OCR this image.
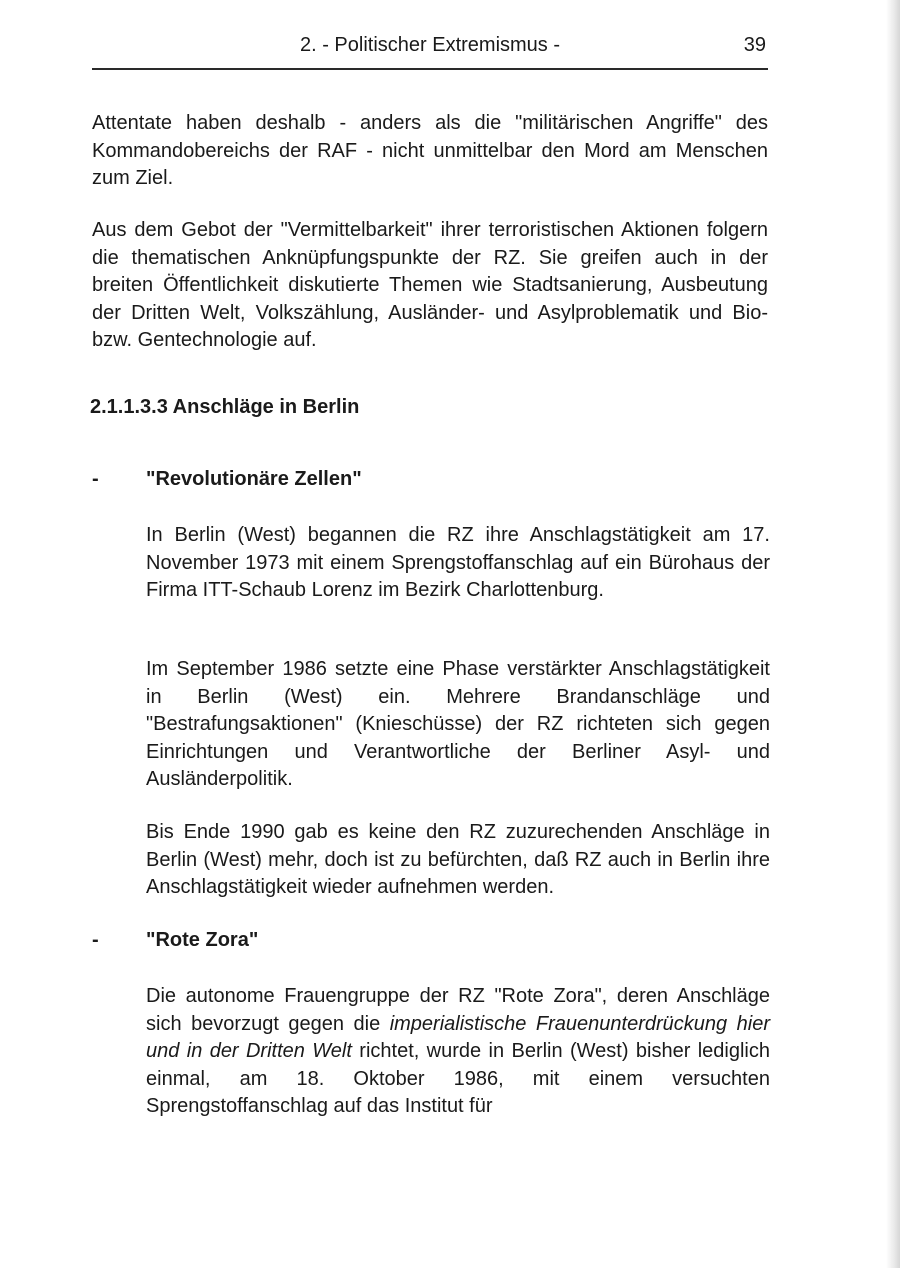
2. - Politischer Extremismus -	39

Attentate haben deshalb - anders als die "militärischen Angriffe" des Kommandobereichs der RAF - nicht unmittelbar den Mord am Menschen zum Ziel.

Aus dem Gebot der "Vermittelbarkeit" ihrer terroristischen Aktionen folgern die thematischen Anknüpfungspunkte der RZ. Sie greifen auch in der breiten Öffentlichkeit diskutierte Themen wie Stadtsanierung, Ausbeutung der Dritten Welt, Volkszählung, Ausländer- und Asylproblematik und Bio- bzw. Gentechnologie auf.

2.1.1.3.3 Anschläge in Berlin
- "Revolutionäre Zellen"

In Berlin (West) begannen die RZ ihre Anschlagstätigkeit am 17. November 1973 mit einem Sprengstoffanschlag auf ein Bürohaus der Firma ITT-Schaub Lorenz im Bezirk Charlottenburg.

Im September 1986 setzte eine Phase verstärkter Anschlagstätigkeit in Berlin (West) ein. Mehrere Brandanschläge und "Bestrafungsaktionen" (Knieschüsse) der RZ richteten sich gegen Einrichtungen und Verantwortliche der Berliner Asyl- und Ausländerpolitik.

Bis Ende 1990 gab es keine den RZ zuzurechenden Anschläge in Berlin (West) mehr, doch ist zu befürchten, daß RZ auch in Berlin ihre Anschlagstätigkeit wieder aufnehmen werden.

- "Rote Zora"

Die autonome Frauengruppe der RZ "Rote Zora", deren Anschläge sich bevorzugt gegen die imperialistische Frauenunterdrückung hier und in der Dritten Welt richtet, wurde in Berlin (West) bisher lediglich einmal, am 18. Oktober 1986, mit einem versuchten Sprengstoffanschlag auf das Institut für
